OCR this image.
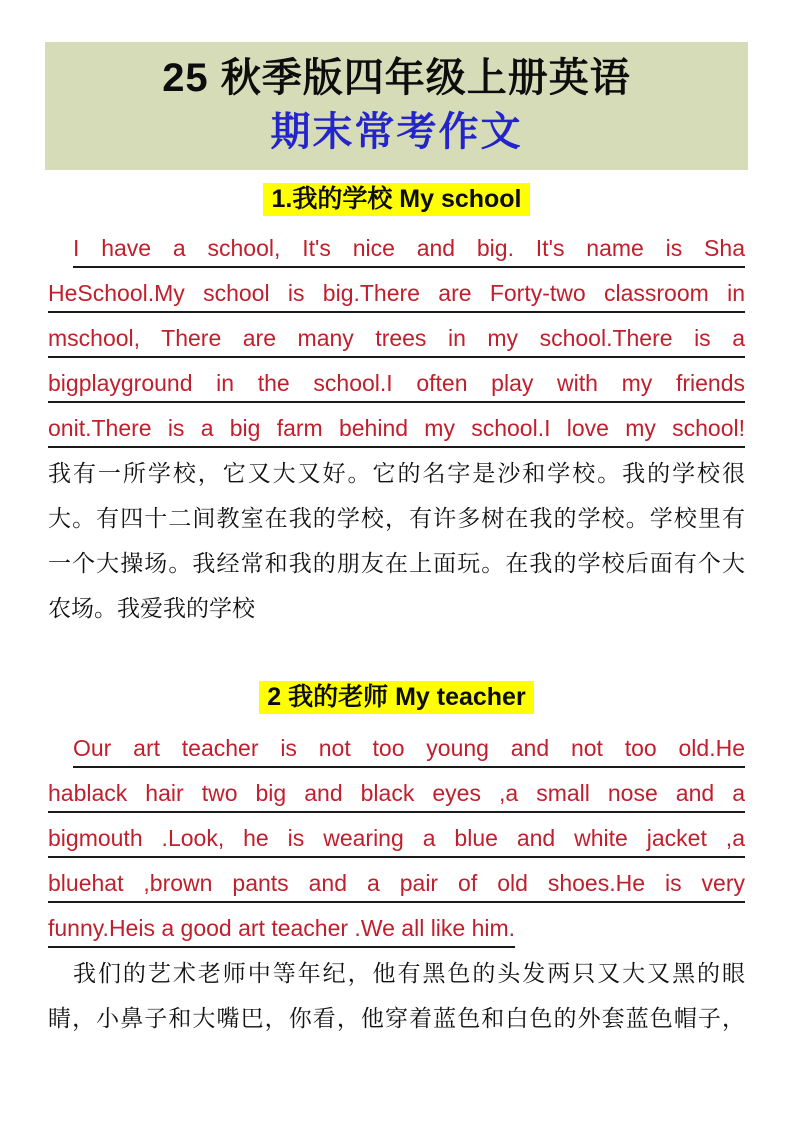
25 秋季版四年级上册英语
期末常考作文
1.我的学校 My school
I have a school, It's nice and big. It's name is Sha
HeSchool.My school is big.There are Forty-two classroom in
mschool, There are many trees in my school.There is a
bigplayground in the school.I often play with my friends
onit.There is a big farm behind my school.I love my school!
我有一所学校，它又大又好。它的名字是沙和学校。我的学校很
大。有四十二间教室在我的学校，有许多树在我的学校。学校里有
一个大操场。我经常和我的朋友在上面玩。在我的学校后面有个大
农场。我爱我的学校
2 我的老师 My teacher
Our art teacher is not too young and not too old.He
hablack hair two big and black eyes ,a small nose and a
bigmouth .Look, he is wearing a blue and white jacket ,a
bluehat ,brown pants and a pair of old shoes.He is very
funny.Heis a good art teacher .We all like him.
我们的艺术老师中等年纪，他有黑色的头发两只又大又黑的眼
睛，小鼻子和大嘴巴，你看，他穿着蓝色和白色的外套蓝色帽子，
